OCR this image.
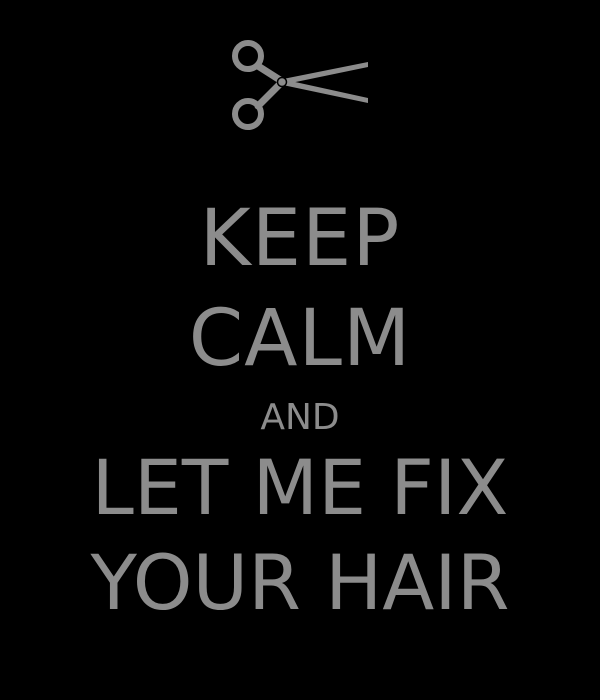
KEEP
CALM
AND
LET ME FIX
YOUR HAIR
